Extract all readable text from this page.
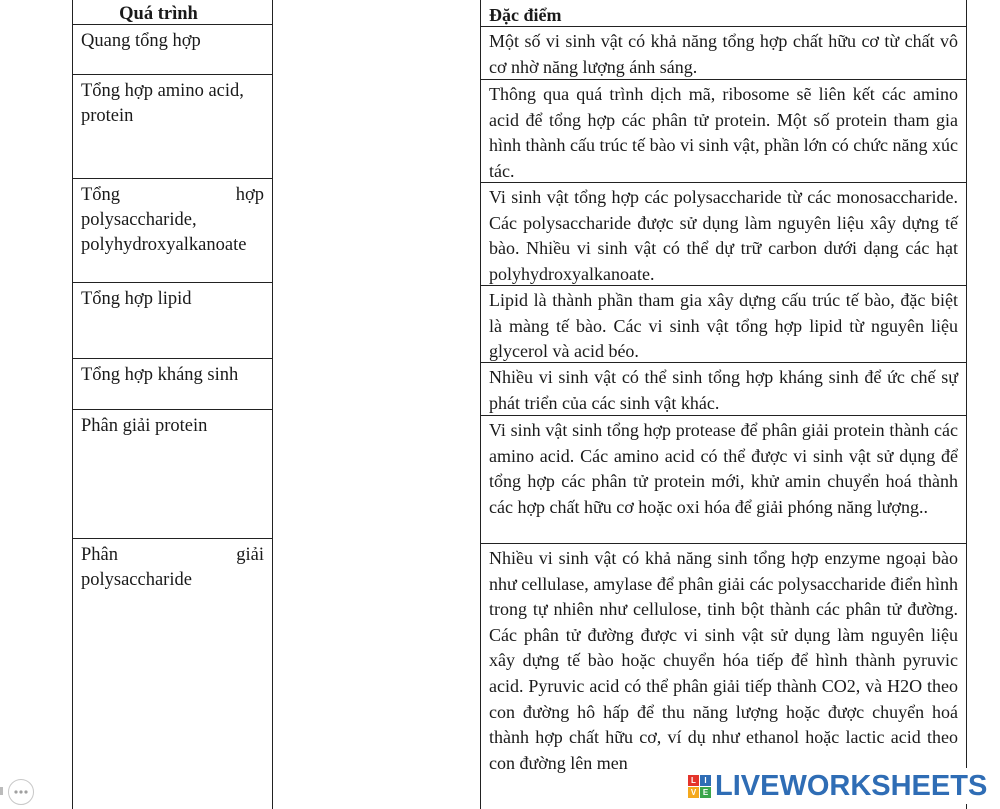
Quá trình
Quang tổng hợp
Tổng hợp amino acid, protein
Tổng hợp
polysaccharide, polyhydroxyalkanoate
Tổng hợp lipid
Tổng hợp kháng sinh
Phân giải protein
Phân giải
polysaccharide
Đặc điểm
Một số vi sinh vật có khả năng tổng hợp chất hữu cơ từ chất vô cơ nhờ năng lượng ánh sáng.
Thông qua quá trình dịch mã, ribosome sẽ liên kết các amino acid để tổng hợp các phân tử protein. Một số protein tham gia hình thành cấu trúc tế bào vi sinh vật, phần lớn có chức năng xúc tác.
Vi sinh vật tổng hợp các polysaccharide từ các monosaccharide. Các polysaccharide được sử dụng làm nguyên liệu xây dựng tế bào. Nhiều vi sinh vật có thể dự trữ carbon dưới dạng các hạt polyhydroxyalkanoate.
Lipid là thành phần tham gia xây dựng cấu trúc tế bào, đặc biệt là màng tế bào. Các vi sinh vật tổng hợp lipid từ nguyên liệu glycerol và acid béo.
Nhiều vi sinh vật có thể sinh tổng hợp kháng sinh để ức chế sự phát triển của các sinh vật khác.
Vi sinh vật sinh tổng hợp protease để phân giải protein thành các amino acid. Các amino acid có thể được vi sinh vật sử dụng để tổng hợp các phân tử protein mới, khử amin chuyển hoá thành các hợp chất hữu cơ hoặc oxi hóa để giải phóng năng lượng..
Nhiều vi sinh vật có khả năng sinh tổng hợp enzyme ngoại bào như cellulase, amylase để phân giải các polysaccharide điển hình trong tự nhiên như cellulose, tinh bột thành các phân tử đường. Các phân tử đường được vi sinh vật sử dụng làm nguyên liệu xây dựng tế bào hoặc chuyển hóa tiếp để hình thành pyruvic acid. Pyruvic acid có thể phân giải tiếp thành CO2, và H2O theo con đường hô hấp để thu năng lượng hoặc được chuyển hoá thành hợp chất hữu cơ, ví dụ như ethanol hoặc lactic acid theo con đường lên men
L	I
V E LIVEWORKSHEETS
